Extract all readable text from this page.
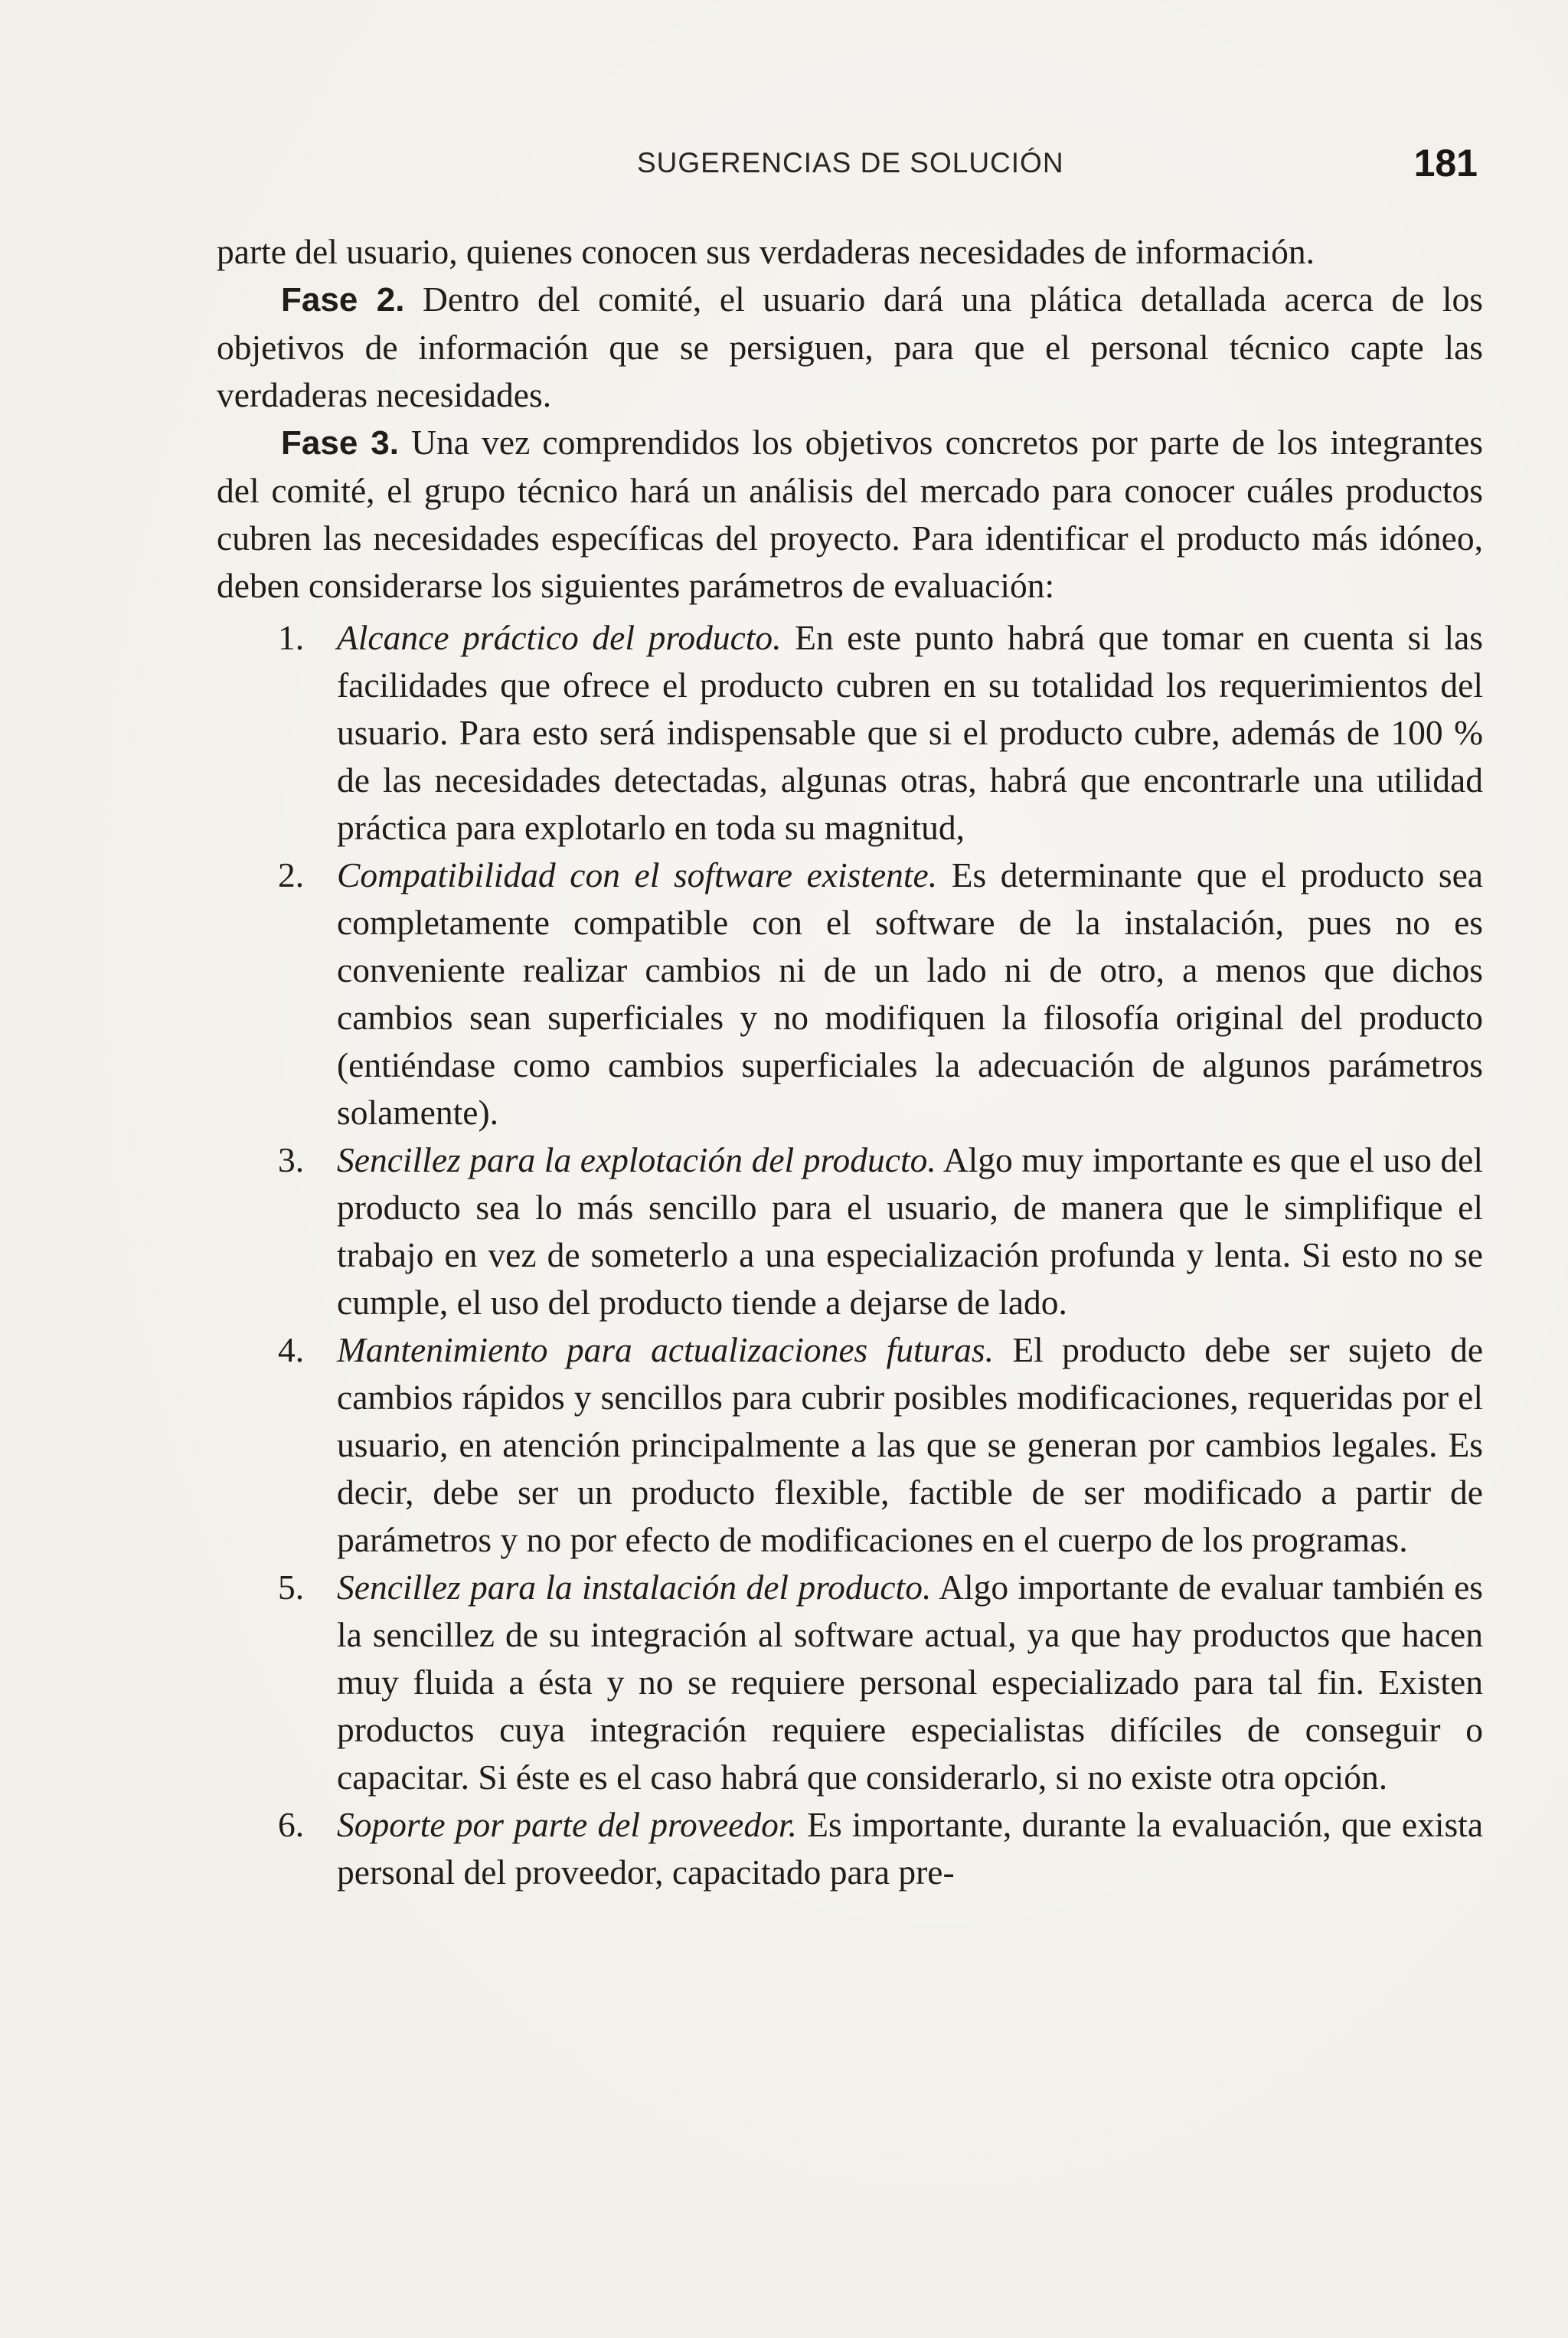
SUGERENCIAS DE SOLUCIÓN	181

parte del usuario, quienes conocen sus verdaderas necesidades de información.

Fase 2. Dentro del comité, el usuario dará una plática detallada acerca de los objetivos de información que se persiguen, para que el personal técnico capte las verdaderas necesidades.

Fase 3. Una vez comprendidos los objetivos concretos por parte de los integrantes del comité, el grupo técnico hará un análisis del mercado para conocer cuáles productos cubren las necesidades específicas del proyecto. Para identificar el producto más idóneo, deben considerarse los siguientes parámetros de evaluación:

1. Alcance práctico del producto. En este punto habrá que tomar en cuenta si las facilidades que ofrece el producto cubren en su totalidad los requerimientos del usuario. Para esto será indispensable que si el producto cubre, además de 100 % de las necesidades detectadas, algunas otras, habrá que encontrarle una utilidad práctica para explotarlo en toda su magnitud,
2. Compatibilidad con el software existente. Es determinante que el producto sea completamente compatible con el software de la instalación, pues no es conveniente realizar cambios ni de un lado ni de otro, a menos que dichos cambios sean superficiales y no modifiquen la filosofía original del producto (entiéndase como cambios superficiales la adecuación de algunos parámetros solamente).
3. Sencillez para la explotación del producto. Algo muy importante es que el uso del producto sea lo más sencillo para el usuario, de manera que le simplifique el trabajo en vez de someterlo a una especialización profunda y lenta. Si esto no se cumple, el uso del producto tiende a dejarse de lado.
4. Mantenimiento para actualizaciones futuras. El producto debe ser sujeto de cambios rápidos y sencillos para cubrir posibles modificaciones, requeridas por el usuario, en atención principalmente a las que se generan por cambios legales. Es decir, debe ser un producto flexible, factible de ser modificado a partir de parámetros y no por efecto de modificaciones en el cuerpo de los programas.
5. Sencillez para la instalación del producto. Algo importante de evaluar también es la sencillez de su integración al software actual, ya que hay productos que hacen muy fluida a ésta y no se requiere personal especializado para tal fin. Existen productos cuya integración requiere especialistas difíciles de conseguir o capacitar. Si éste es el caso habrá que considerarlo, si no existe otra opción.
6. Soporte por parte del proveedor. Es importante, durante la evaluación, que exista personal del proveedor, capacitado para pre-
